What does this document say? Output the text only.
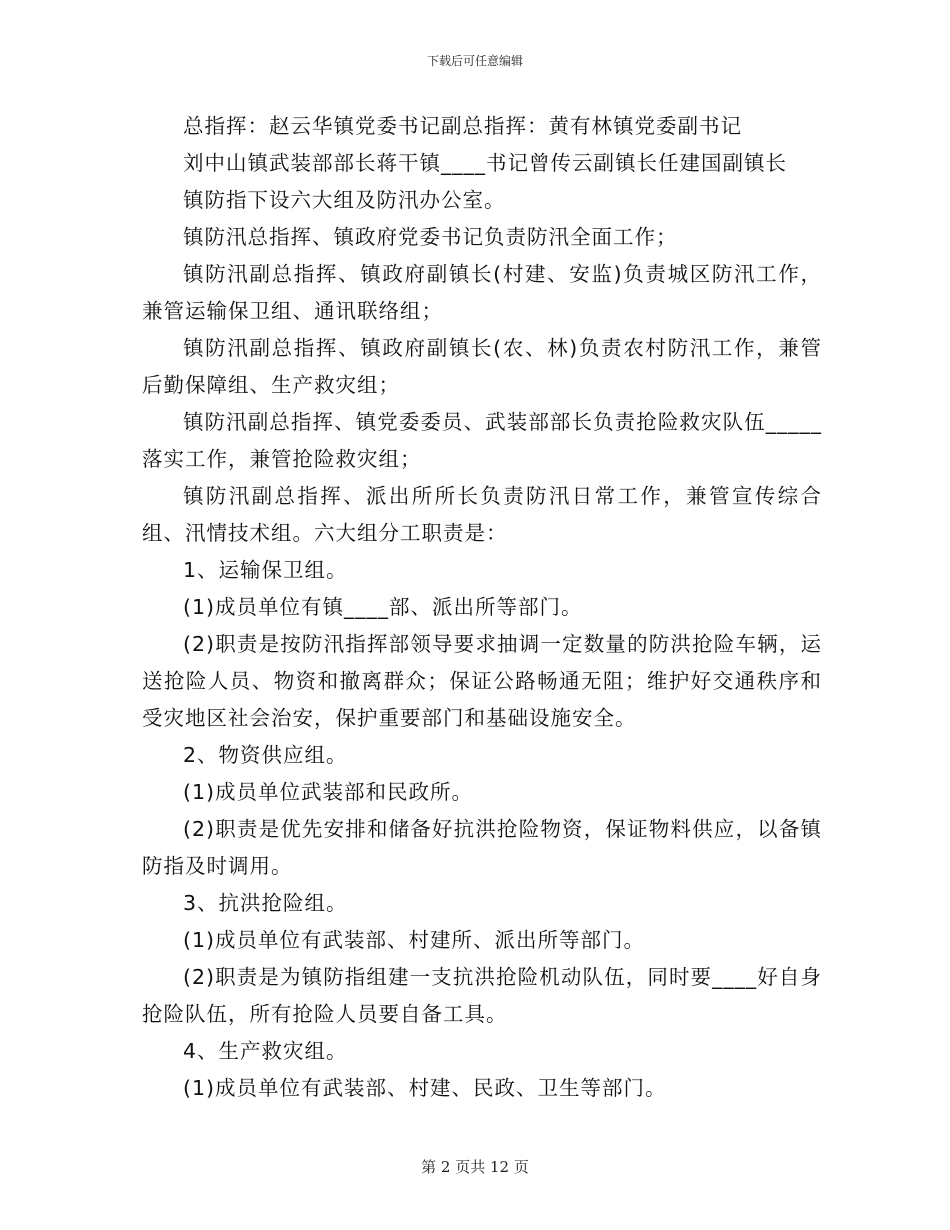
下载后可任意编辑

总指挥：赵云华镇党委书记副总指挥：黄有林镇党委副书记

刘中山镇武装部部长蒋干镇____书记曾传云副镇长任建国副镇长

镇防指下设六大组及防汛办公室。

镇防汛总指挥、镇政府党委书记负责防汛全面工作；

镇防汛副总指挥、镇政府副镇长(村建、安监)负责城区防汛工作，兼管运输保卫组、通讯联络组；

镇防汛副总指挥、镇政府副镇长(农、林)负责农村防汛工作，兼管后勤保障组、生产救灾组；

镇防汛副总指挥、镇党委委员、武装部部长负责抢险救灾队伍_____落实工作，兼管抢险救灾组；

镇防汛副总指挥、派出所所长负责防汛日常工作，兼管宣传综合组、汛情技术组。六大组分工职责是：

1、运输保卫组。

(1)成员单位有镇____部、派出所等部门。

(2)职责是按防汛指挥部领导要求抽调一定数量的防洪抢险车辆，运送抢险人员、物资和撤离群众；保证公路畅通无阻；维护好交通秩序和受灾地区社会治安，保护重要部门和基础设施安全。

2、物资供应组。

(1)成员单位武装部和民政所。

(2)职责是优先安排和储备好抗洪抢险物资，保证物料供应，以备镇防指及时调用。

3、抗洪抢险组。

(1)成员单位有武装部、村建所、派出所等部门。

(2)职责是为镇防指组建一支抗洪抢险机动队伍，同时要____好自身抢险队伍，所有抢险人员要自备工具。

4、生产救灾组。

(1)成员单位有武装部、村建、民政、卫生等部门。

第 2 页共 12 页
